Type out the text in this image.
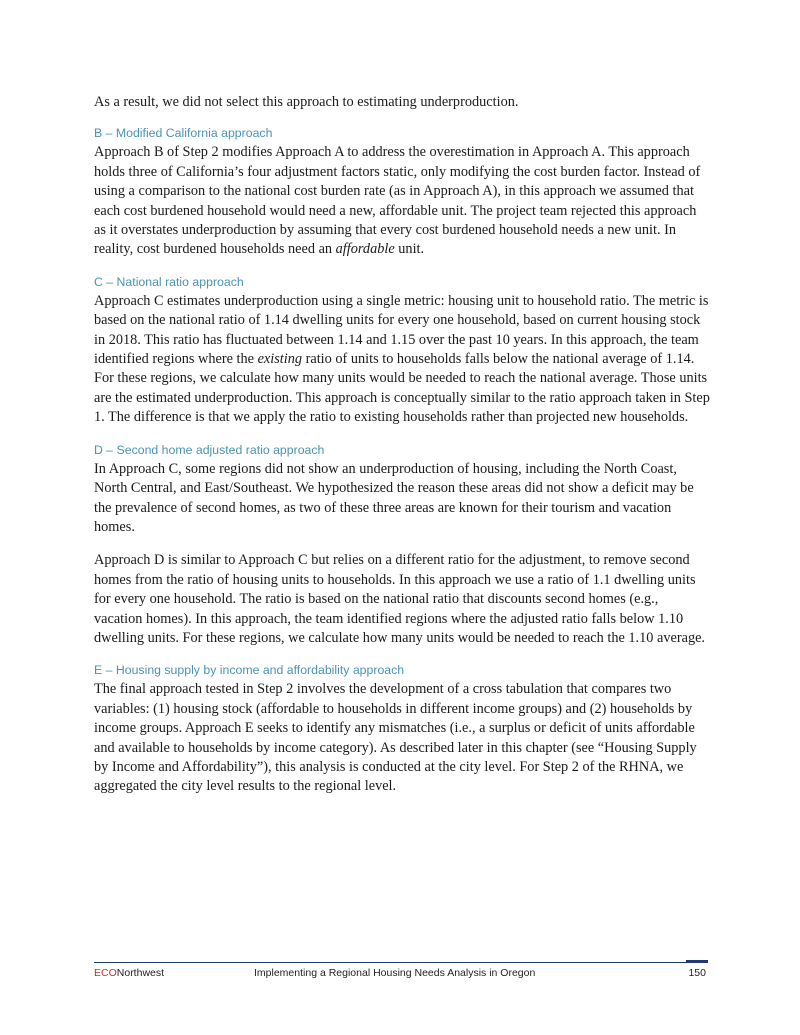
As a result, we did not select this approach to estimating underproduction.

B – Modified California approach

Approach B of Step 2 modifies Approach A to address the overestimation in Approach A. This approach holds three of California’s four adjustment factors static, only modifying the cost burden factor. Instead of using a comparison to the national cost burden rate (as in Approach A), in this approach we assumed that each cost burdened household would need a new, affordable unit. The project team rejected this approach as it overstates underproduction by assuming that every cost burdened household needs a new unit. In reality, cost burdened households need an affordable unit.

C – National ratio approach

Approach C estimates underproduction using a single metric: housing unit to household ratio. The metric is based on the national ratio of 1.14 dwelling units for every one household, based on current housing stock in 2018. This ratio has fluctuated between 1.14 and 1.15 over the past 10 years. In this approach, the team identified regions where the existing ratio of units to households falls below the national average of 1.14. For these regions, we calculate how many units would be needed to reach the national average. Those units are the estimated underproduction. This approach is conceptually similar to the ratio approach taken in Step 1. The difference is that we apply the ratio to existing households rather than projected new households.

D – Second home adjusted ratio approach

In Approach C, some regions did not show an underproduction of housing, including the North Coast, North Central, and East/Southeast. We hypothesized the reason these areas did not show a deficit may be the prevalence of second homes, as two of these three areas are known for their tourism and vacation homes.

Approach D is similar to Approach C but relies on a different ratio for the adjustment, to remove second homes from the ratio of housing units to households. In this approach we use a ratio of 1.1 dwelling units for every one household. The ratio is based on the national ratio that discounts second homes (e.g., vacation homes). In this approach, the team identified regions where the adjusted ratio falls below 1.10 dwelling units. For these regions, we calculate how many units would be needed to reach the 1.10 average.

E – Housing supply by income and affordability approach

The final approach tested in Step 2 involves the development of a cross tabulation that compares two variables: (1) housing stock (affordable to households in different income groups) and (2) households by income groups. Approach E seeks to identify any mismatches (i.e., a surplus or deficit of units affordable and available to households by income category). As described later in this chapter (see “Housing Supply by Income and Affordability”), this analysis is conducted at the city level. For Step 2 of the RHNA, we aggregated the city level results to the regional level.

ECONorthwest	Implementing a Regional Housing Needs Analysis in Oregon	150
